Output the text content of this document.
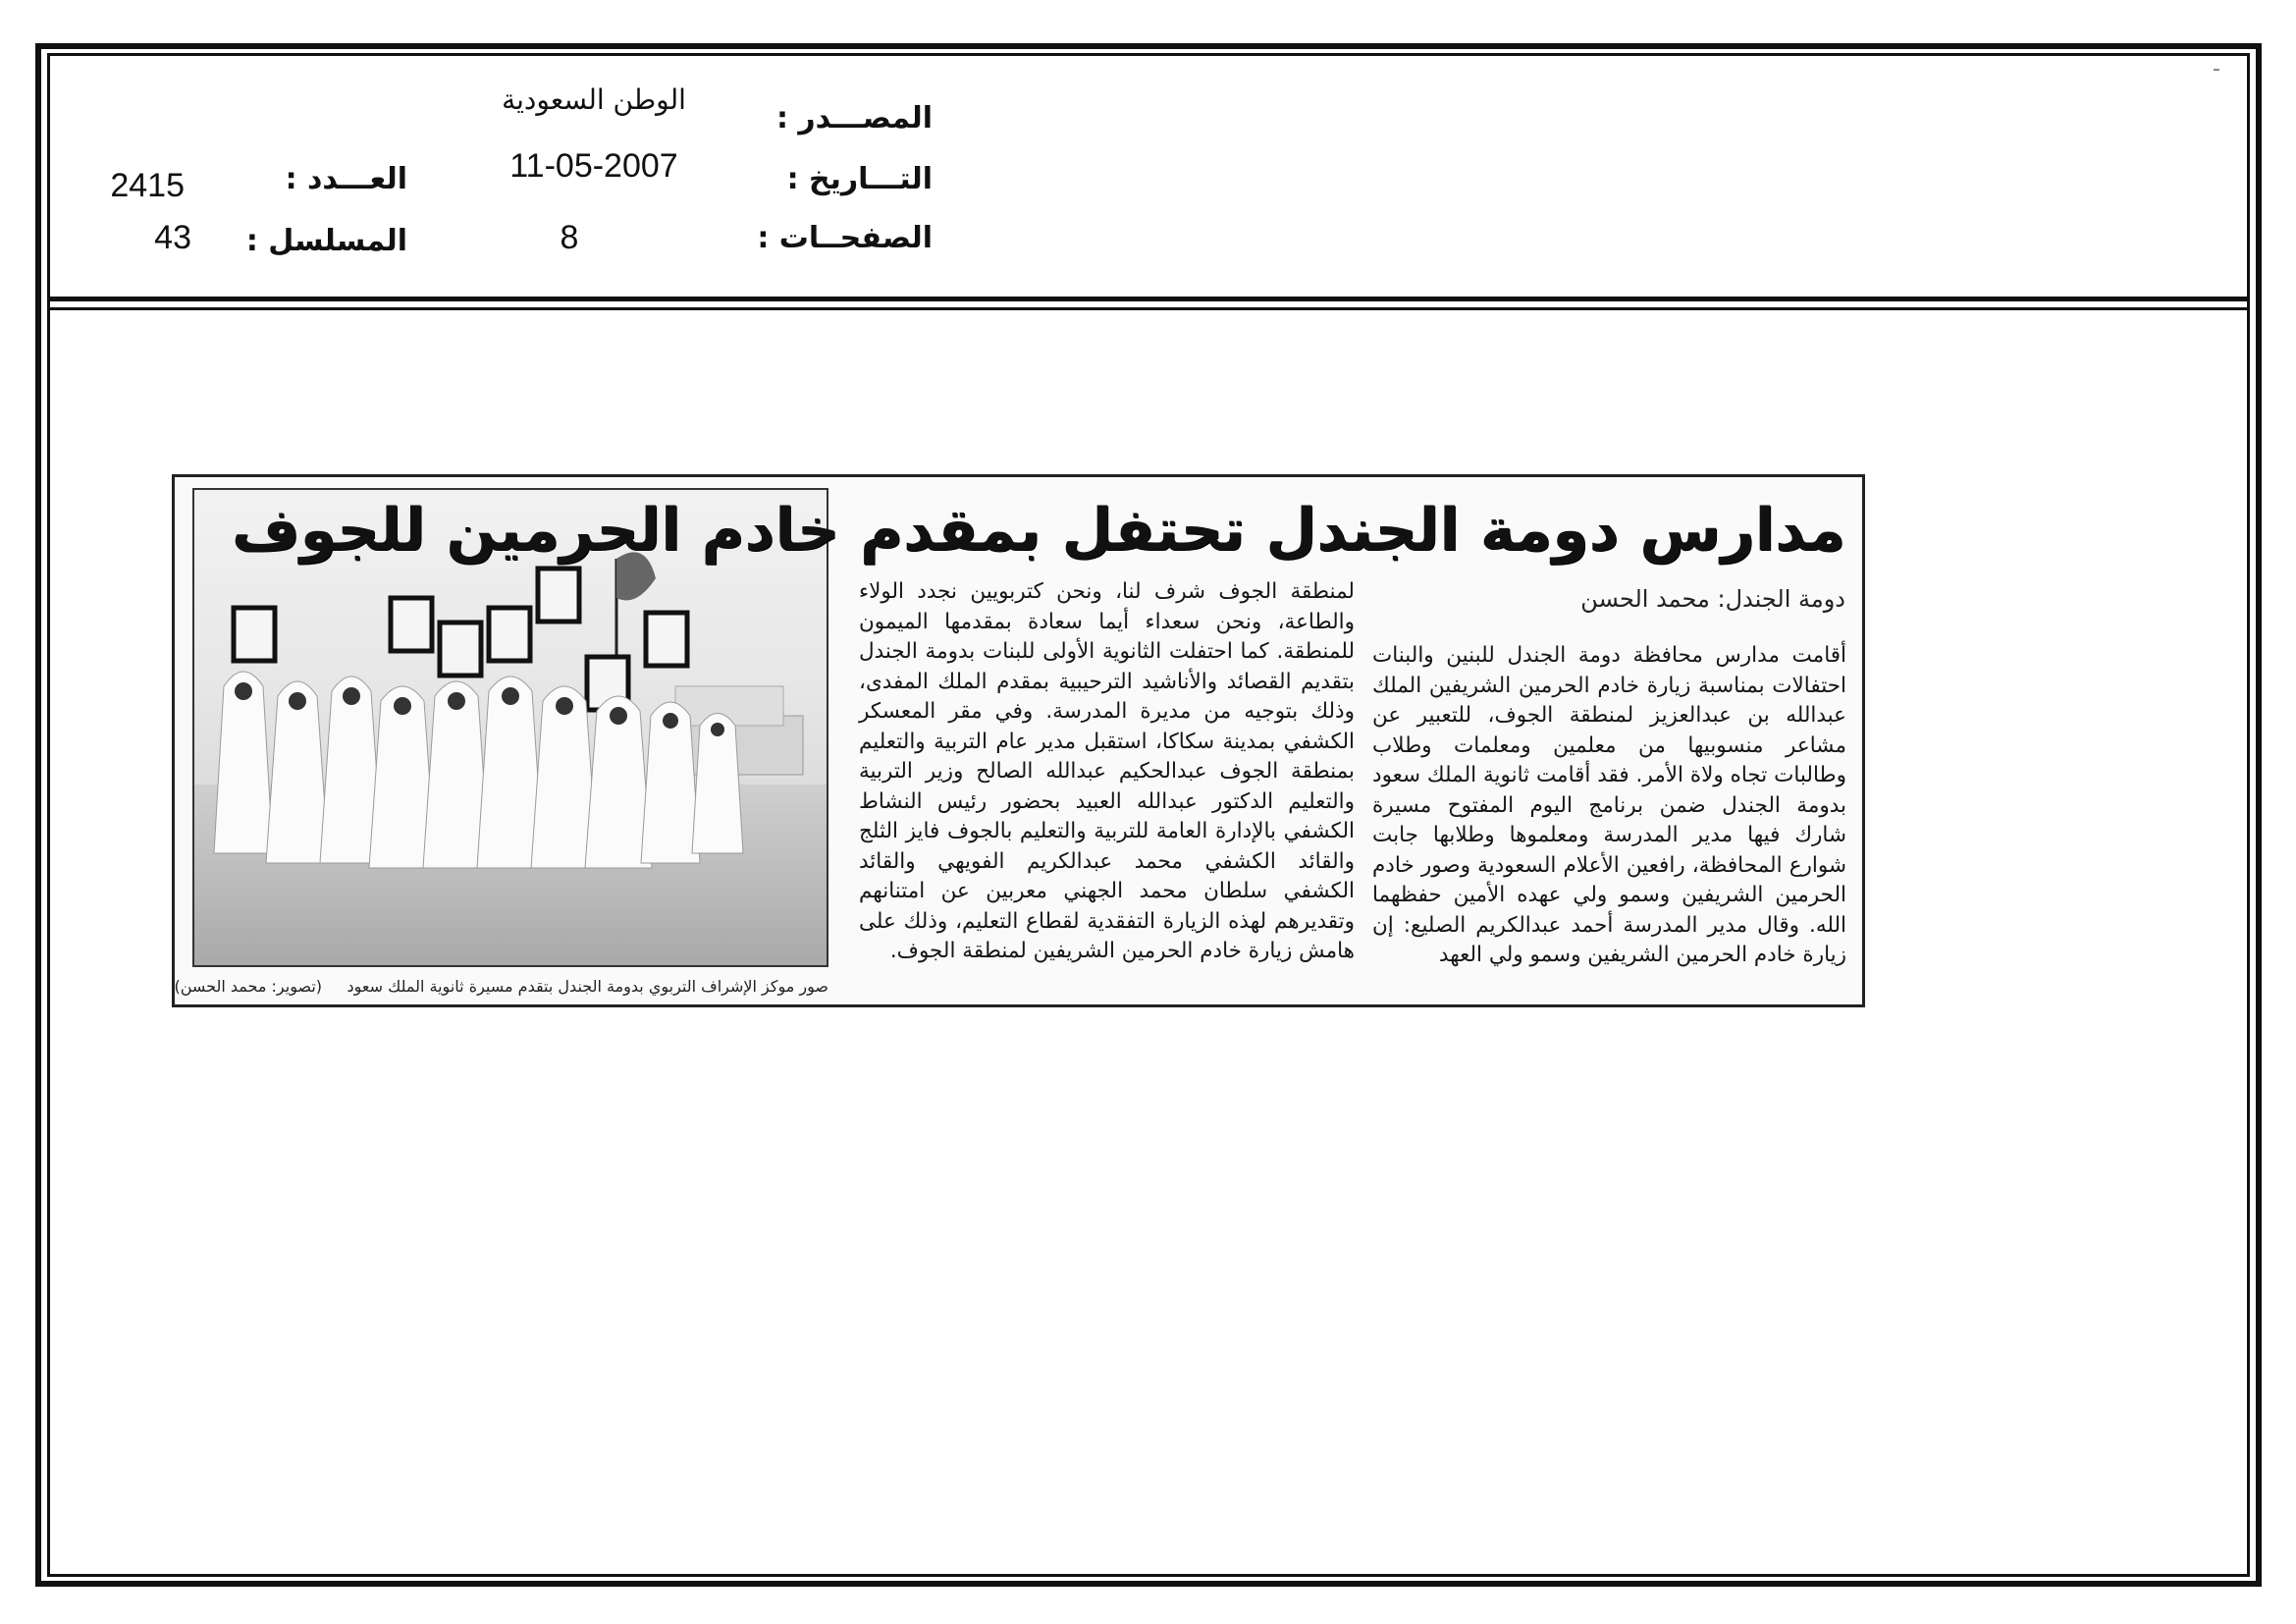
المصـــدر :
الوطن السعودية
التـــاريخ :
11-05-2007
الصفحــات :
8
العـــدد :
2415
المسلسل :
43
صور موكز الإشراف التربوي بدومة الجندل بتقدم مسيرة ثانوية الملك سعود     (تصوير: محمد الحسن)
مدارس دومة الجندل تحتفل بمقدم خادم الحرمين للجوف
دومة الجندل: محمد الحسن

أقامت مدارس محافظة دومة الجندل للبنين والبنات احتفالات بمناسبة زيارة خادم الحرمين الشريفين الملك عبدالله بن عبدالعزيز لمنطقة الجوف، للتعبير عن مشاعر منسوبيها من معلمين ومعلمات وطلاب وطالبات تجاه ولاة الأمر. فقد أقامت ثانوية الملك سعود بدومة الجندل ضمن برنامج اليوم المفتوح مسيرة شارك فيها مدير المدرسة ومعلموها وطلابها جابت شوارع المحافظة، رافعين الأعلام السعودية وصور خادم الحرمين الشريفين وسمو ولي عهده الأمين حفظهما الله. وقال مدير المدرسة أحمد عبدالكريم الصليع: إن زيارة خادم الحرمين الشريفين وسمو ولي العهد

لمنطقة الجوف شرف لنا، ونحن كتربويين نجدد الولاء والطاعة، ونحن سعداء أيما سعادة بمقدمها الميمون للمنطقة. كما احتفلت الثانوية الأولى للبنات بدومة الجندل بتقديم القصائد والأناشيد الترحيبية بمقدم الملك المفدى، وذلك بتوجيه من مديرة المدرسة. وفي مقر المعسكر الكشفي بمدينة سكاكا، استقبل مدير عام التربية والتعليم بمنطقة الجوف عبدالحكيم عبدالله الصالح وزير التربية والتعليم الدكتور عبدالله العبيد بحضور رئيس النشاط الكشفي بالإدارة العامة للتربية والتعليم بالجوف فايز الثلج والقائد الكشفي محمد عبدالكريم الفويهي والقائد الكشفي سلطان محمد الجهني معربين عن امتنانهم وتقديرهم لهذه الزيارة التفقدية لقطاع التعليم، وذلك على هامش زيارة خادم الحرمين الشريفين لمنطقة الجوف.
